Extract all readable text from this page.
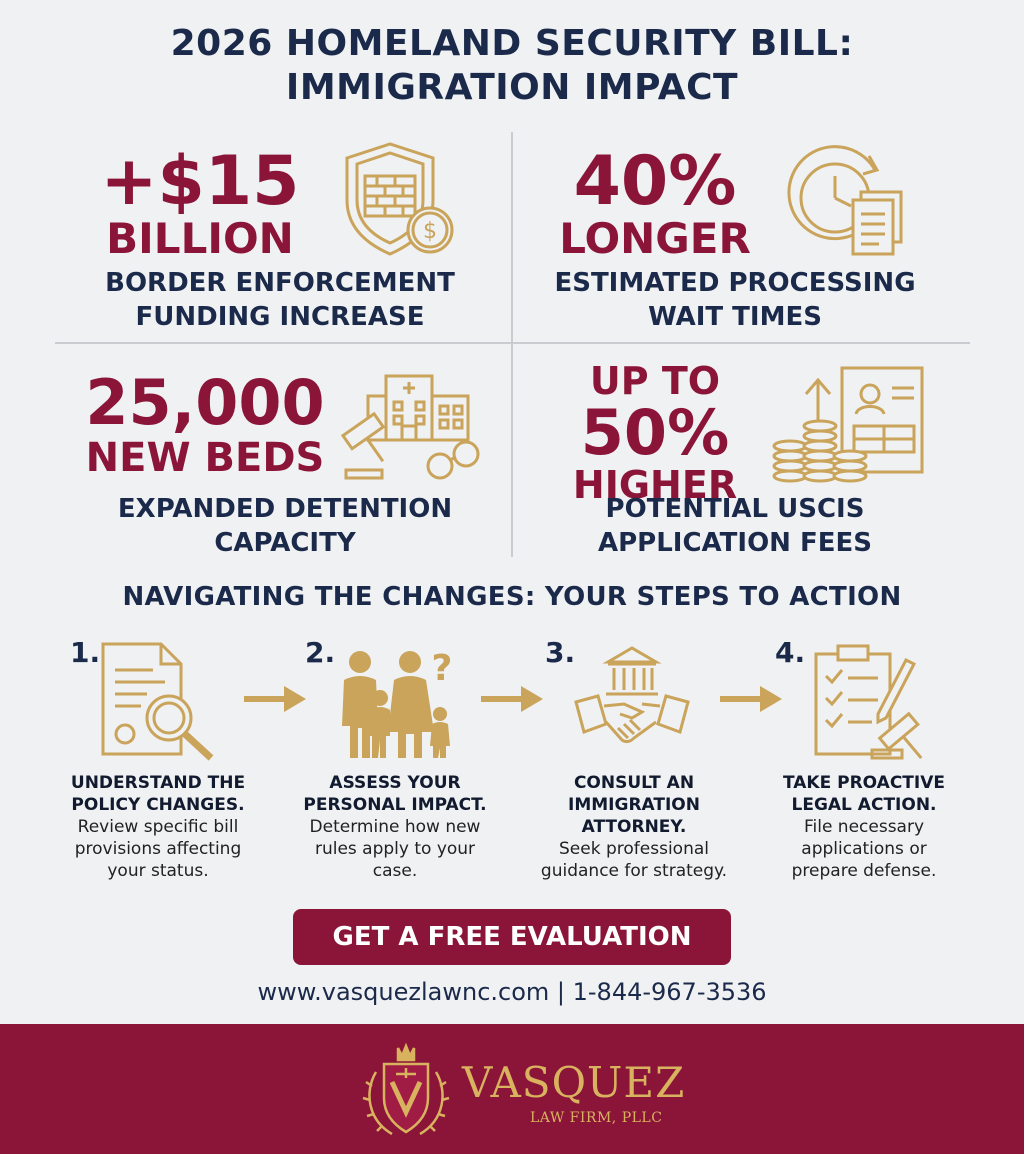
2026 HOMELAND SECURITY BILL:
IMMIGRATION IMPACT
+$15
BILLION	$
BORDER ENFORCEMENT
FUNDING INCREASE
40%
LONGER
ESTIMATED PROCESSING
WAIT TIMES
25,000
NEW BEDS
EXPANDED DETENTION
CAPACITY
UP TO
50%
HIGHER
POTENTIAL USCIS
APPLICATION FEES
NAVIGATING THE CHANGES: YOUR STEPS TO ACTION
1.
UNDERSTAND THE
POLICY CHANGES.
Review specific bill
provisions affecting
your status.
2.	?
ASSESS YOUR
PERSONAL IMPACT.
Determine how new
rules apply to your
case.
3.
CONSULT AN
IMMIGRATION
ATTORNEY.
Seek professional
guidance for strategy.
4.
TAKE PROACTIVE
LEGAL ACTION.
File necessary
applications or
prepare defense.
GET A FREE EVALUATION
www.vasquezlawnc.com | 1-844-967-3536
VASQUEZ
LAW FIRM, PLLC
